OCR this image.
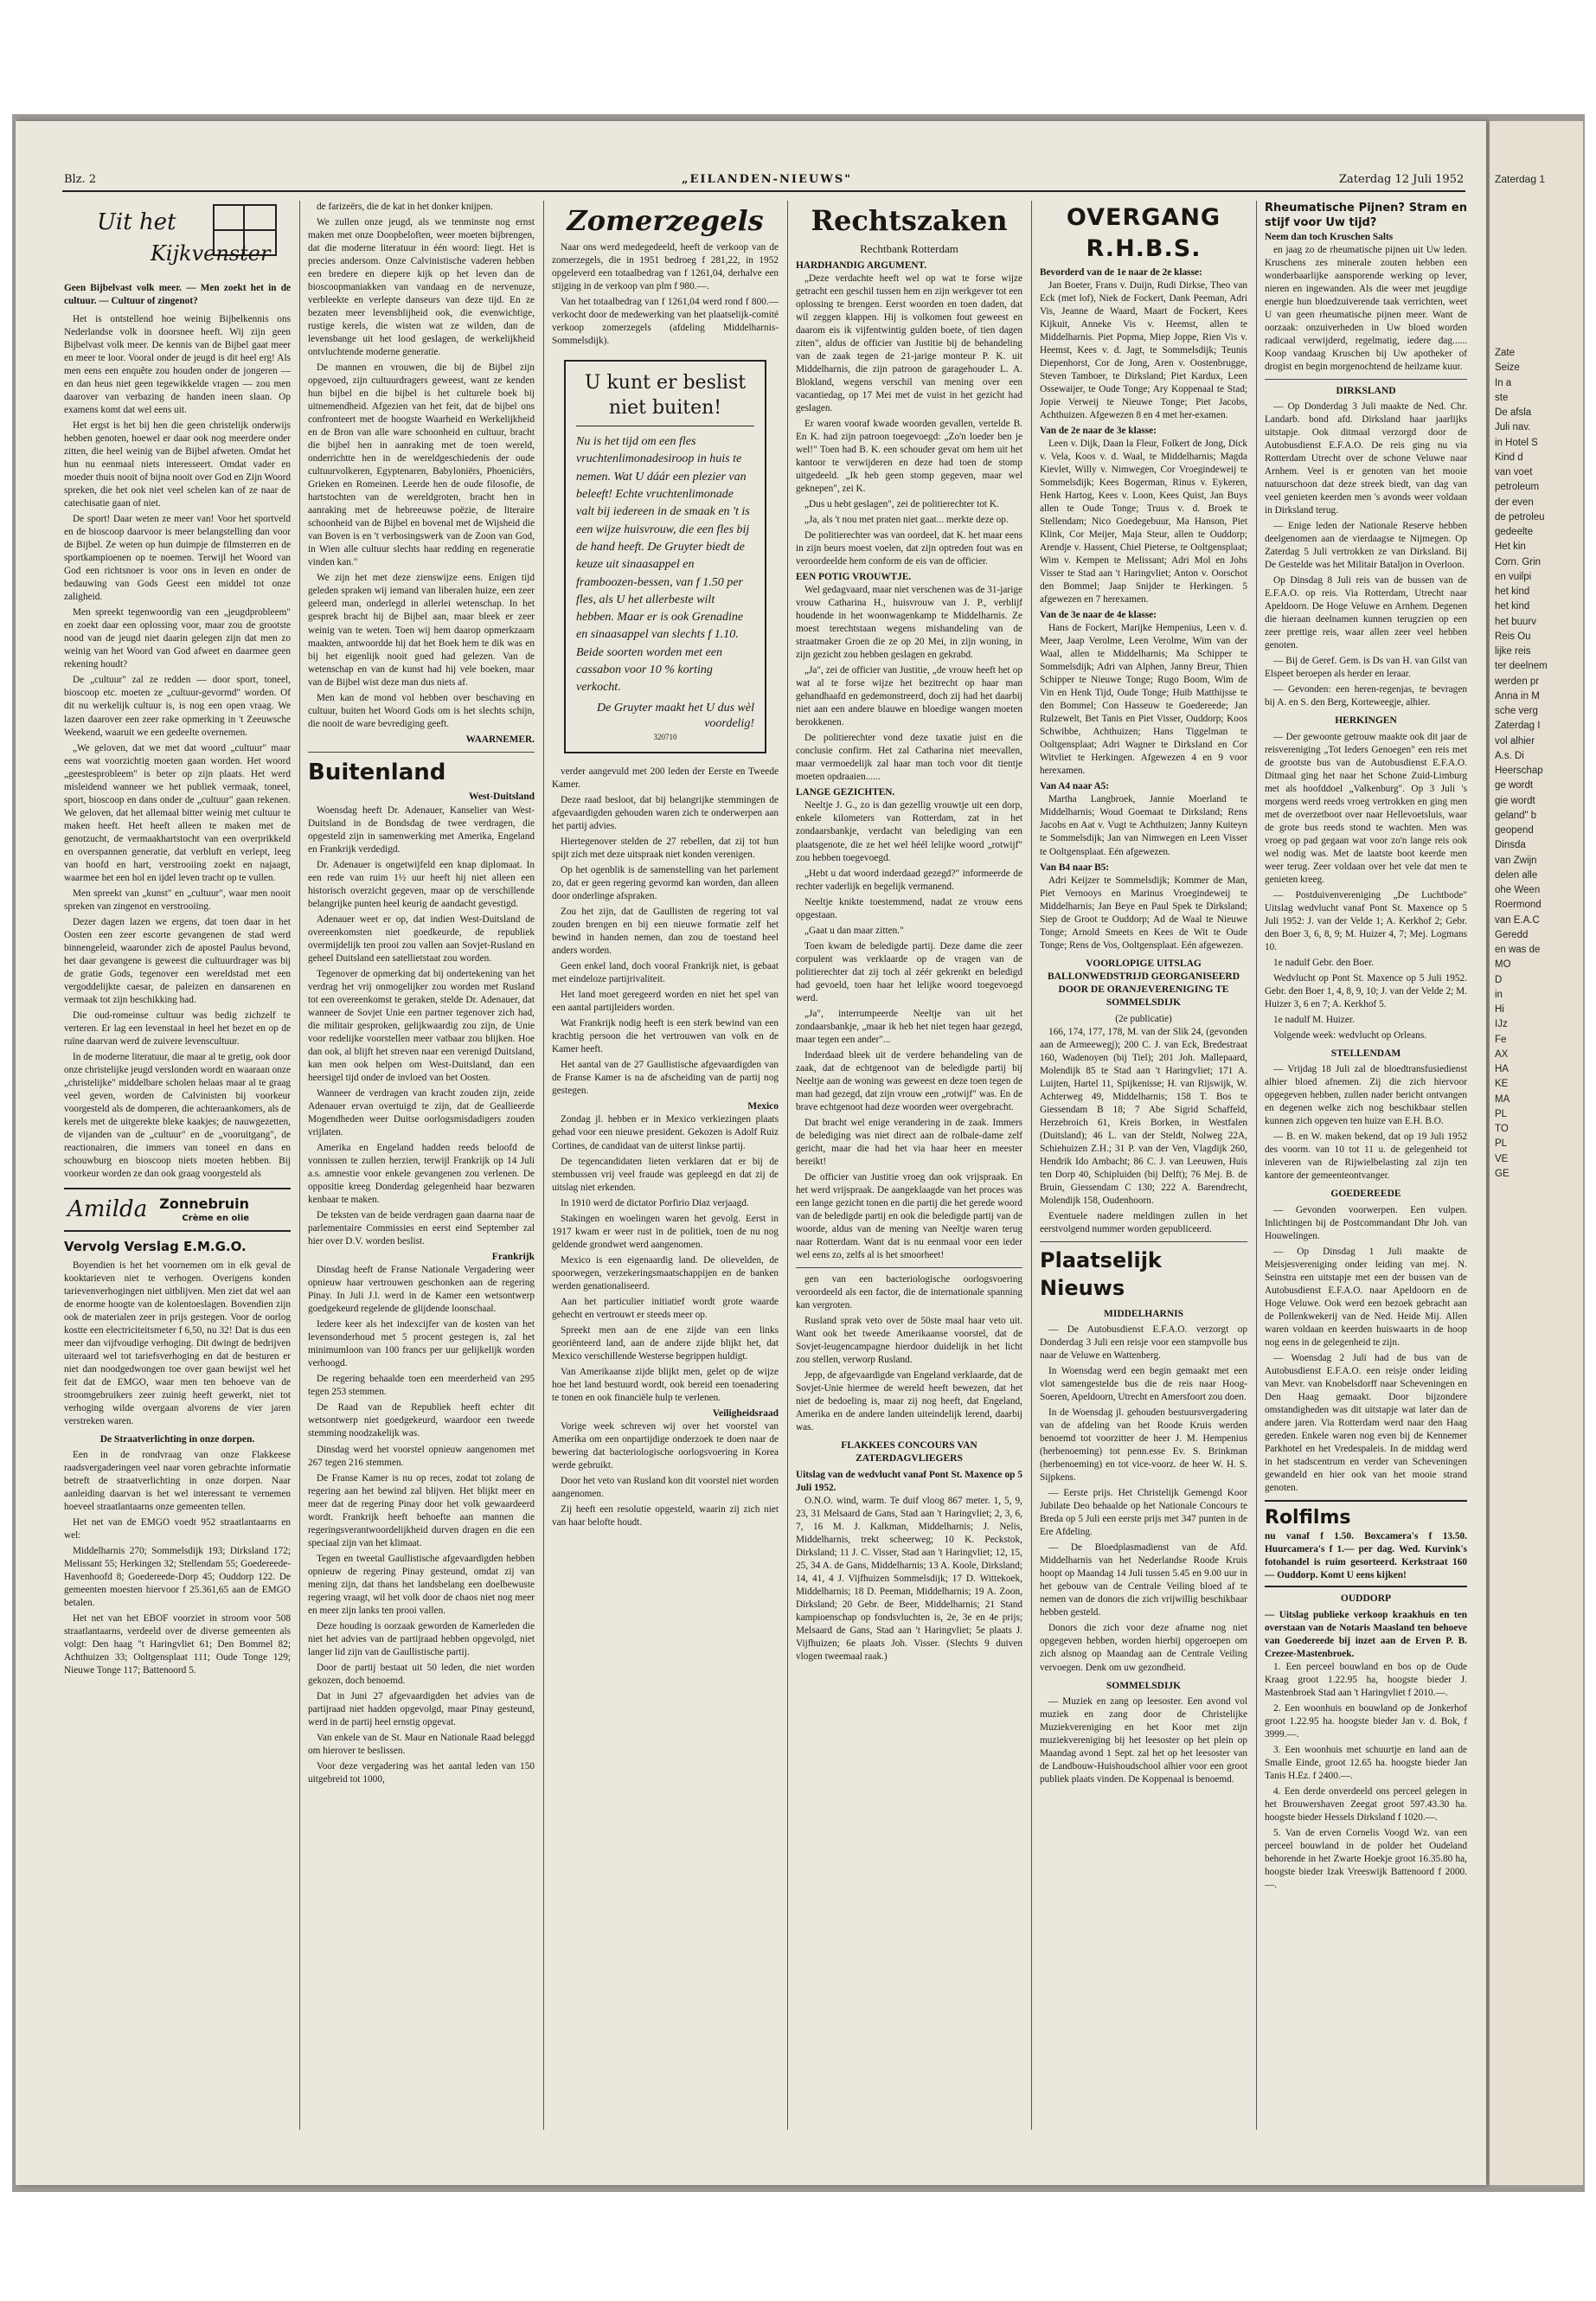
Blz. 2	„EILANDEN-NIEUWS"	Zaterdag 12 Juli 1952
Uit het
Kijkvenster
Geen Bijbelvast volk meer. — Men zoekt het in de cultuur. — Cultuur of zingenot?

Het is ontstellend hoe weinig Bijbelkennis ons Nederlandse volk in doorsnee heeft. Wij zijn geen Bijbelvast volk meer. De kennis van de Bijbel gaat meer en meer te loor. Vooral onder de jeugd is dit heel erg! Als men eens een enquête zou houden onder de jongeren — en dan heus niet geen tegewikkelde vragen — zou men daarover van verbazing de handen ineen slaan. Op examens komt dat wel eens uit.

Het ergst is het bij hen die geen christelijk onderwijs hebben genoten, hoewel er daar ook nog meerdere onder zitten, die heel weinig van de Bijbel afweten. Omdat het hun nu eenmaal niets interesseert. Omdat vader en moeder thuis nooit of bijna nooit over God en Zijn Woord spreken, die het ook niet veel schelen kan of ze naar de catechisatie gaan of niet.

De sport! Daar weten ze meer van! Voor het sportveld en de bioscoop daarvoor is meer belangstelling dan voor de Bijbel. Ze weten op hun duimpje de filmsterren en de sportkampioenen op te noemen. Terwijl het Woord van God een richtsnoer is voor ons in leven en onder de bedauwing van Gods Geest een middel tot onze zaligheid.

Men spreekt tegenwoordig van een „jeugdprobleem" en zoekt daar een oplossing voor, maar zou de grootste nood van de jeugd niet daarin gelegen zijn dat men zo weinig van het Woord van God afweet en daarmee geen rekening houdt?

De „cultuur" zal ze redden — door sport, toneel, bioscoop etc. moeten ze „cultuur-gevormd" worden. Of dit nu werkelijk cultuur is, is nog een open vraag. We lazen daarover een zeer rake opmerking in 't Zeeuwsche Weekend, waaruit we een gedeelte overnemen.

„We geloven, dat we met dat woord „cultuur" maar eens wat voorzichtig moeten gaan worden. Het woord „geestesprobleem" is beter op zijn plaats. Het werd misleidend wanneer we het publiek vermaak, toneel, sport, bioscoop en dans onder de „cultuur" gaan rekenen. We geloven, dat het allemaal bitter weinig met cultuur te maken heeft. Het heeft alleen te maken met de genotzucht, de vermaakhartstocht van een overprikkeld en overspannen generatie, dat verbluft en verlept, leeg van hoofd en hart, verstrooiing zoekt en najaagt, waarmee het een hol en ijdel leven tracht op te vullen.

Men spreekt van „kunst" en „cultuur", waar men nooit spreken van zingenot en verstrooiing.

Dezer dagen lazen we ergens, dat toen daar in het Oosten een zeer escorte gevangenen de stad werd binnengeleid, waaronder zich de apostel Paulus bevond, het daar gevangene is geweest die cultuurdrager was bij de gratie Gods, tegenover een wereldstad met een vergoddelijkte caesar, de paleizen en dansarenen en vermaak tot zijn beschikking had.

Die oud-romeinse cultuur was bedig zichzelf te verteren. Er lag een levenstaal in heel het bezet en op de ruïne daarvan werd de zuivere levenscultuur.

In de moderne literatuur, die maar al te gretig, ook door onze christelijke jeugd verslonden wordt en waaraan onze „christelijke" middelbare scholen helaas maar al te graag veel geven, worden de Calvinisten bij voorkeur voorgesteld als de domperen, die achteraankomers, als de kerels met de uitgerekte bleke kaakjes; de nauwgezetten, de vijanden van de „cultuur" en de „vooruitgang", de reactionairen, die immers van toneel en dans en schouwburg en bioscoop niets moeten hebben. Bij voorkeur worden ze dan ook graag voorgesteld als

Amilda Zonnebruin
Crème en olie
Vervolg Verslag E.M.G.O.

Boyendien is het het voornemen om in elk geval de kooktarieven niet te verhogen. Overigens konden tarievenverhogingen niet uitblijven. Men ziet dat wel aan de enorme hoogte van de kolentoeslagen. Bovendien zijn ook de materialen zeer in prijs gestegen. Voor de oorlog kostte een electriciteitsmeter f 6,50, nu 32! Dat is dus een meer dan vijfvoudige verhoging. Dit dwingt de bedrijven uiteraard wel tot tariefsverhoging en dat de besturen er niet dan noodgedwongen toe over gaan bewijst wel het feit dat de EMGO, waar men ten behoeve van de stroomgebruikers zeer zuinig heeft gewerkt, niet tot verhoging wilde overgaan alvorens de vier jaren verstreken waren.

De Straatverlichting in onze dorpen.

Een in de rondvraag van onze Flakkeese raadsvergaderingen veel naar voren gebrachte informatie betreft de straatverlichting in onze dorpen. Naar aanleiding daarvan is het wel interessant te vernemen hoeveel straatlantaarns onze gemeenten tellen.

Het net van de EMGO voedt 952 straatlantaarns en wel:

Middelharnis 270; Sommelsdijk 193; Dirksland 172; Melissant 55; Herkingen 32; Stellendam 55; Goedereede-Havenhoofd 8; Goedereede-Dorp 45; Ouddorp 122. De gemeenten moesten hiervoor f 25.361,65 aan de EMGO betalen.

Het net van het EBOF voorziet in stroom voor 508 straatlantaarns, verdeeld over de diverse gemeenten als volgt: Den haag "t Haringvliet 61; Den Bommel 82; Achthuizen 33; Ooltgensplaat 111; Oude Tonge 129; Nieuwe Tonge 117; Battenoord 5.

de farizeërs, die de kat in het donker knijpen.

We zullen onze jeugd, als we tenminste nog ernst maken met onze Doopbeloften, weer moeten bijbrengen, dat die moderne literatuur in één woord: liegt. Het is precies andersom. Onze Calvinistische vaderen hebben een bredere en diepere kijk op het leven dan de bioscoopmaniakken van vandaag en de nervenuze, verbleekte en verlepte danseurs van deze tijd. En ze bezaten meer levensblijheid ook, die evenwichtige, rustige kerels, die wisten wat ze wilden, dan de levensbange uit het lood geslagen, de werkelijkheid ontvluchtende moderne generatie.

De mannen en vrouwen, die bij de Bijbel zijn opgevoed, zijn cultuurdragers geweest, want ze kenden hun bijbel en die bijbel is het culturele boek bij uitnemendheid. Afgezien van het feit, dat de bijbel ons confronteert met de hoogste Waarheid en Werkelijkheid en de Bron van alle ware schoonheid en cultuur, bracht die bijbel hen in aanraking met de toen wereld, onderrichtte hen in de wereldgeschiedenis der oude cultuurvolkeren, Egyptenaren, Babyloniërs, Phoeniciërs, Grieken en Romeinen. Leerde hen de oude filosofie, de hartstochten van de wereldgroten, bracht hen in aanraking met de hebreeuwse poëzie, de literaire schoonheid van de Bijbel en bovenal met de Wijsheid die van Boven is en 't verbosingswerk van de Zoon van God, in Wien alle cultuur slechts haar redding en regeneratie vinden kan."

We zijn het met deze zienswijze eens. Enigen tijd geleden spraken wij iemand van liberalen huize, een zeer geleerd man, onderlegd in allerlei wetenschap. In het gesprek bracht hij de Bijbel aan, maar bleek er zeer weinig van te weten. Toen wij hem daarop opmerkzaam maakten, antwoordde hij dat het Boek hem te dik was en bij het eigenlijk nooit goed had gelezen. Van de wetenschap en van de kunst had hij vele boeken, maar van de Bijbel wist deze man dus niets af.

Men kan de mond vol hebben over beschaving en cultuur, buiten het Woord Gods om is het slechts schijn, die nooit de ware bevrediging geeft.

WAARNEMER.
Buitenland
West-Duitsland

Woensdag heeft Dr. Adenauer, Kanselier van West-Duitsland in de Bondsdag de twee verdragen, die opgesteld zijn in samenwerking met Amerika, Engeland en Frankrijk verdedigd.

Dr. Adenauer is ongetwijfeld een knap diplomaat. In een rede van ruim 1½ uur heeft hij niet alleen een historisch overzicht gegeven, maar op de verschillende belangrijke punten heel keurig de aandacht gevestigd.

Adenauer weet er op, dat indien West-Duitsland de overeenkomsten niet goedkeurde, de republiek overmijdelijk ten prooi zou vallen aan Sovjet-Rusland en geheel Duitsland een satellietstaat zou worden.

Tegenover de opmerking dat bij ondertekening van het verdrag het vrij onmogelijker zou worden met Rusland tot een overeenkomst te geraken, stelde Dr. Adenauer, dat wanneer de Sovjet Unie een partner tegenover zich had, die militair gesproken, gelijkwaardig zou zijn, de Unie voor redelijke voorstellen meer vatbaar zou blijken. Hoe dan ook, al blijft het streven naar een verenigd Duitsland, kan men ook helpen om West-Duitsland, dan een heersigel tijd onder de invloed van het Oosten.

Wanneer de verdragen van kracht zouden zijn, zeide Adenauer ervan overtuigd te zijn, dat de Geallieerde Mogendheden weer Duitse oorlogsmisdadigers zouden vrijlaten.

Amerika en Engeland hadden reeds beloofd de vonnissen te zullen herzien, terwijl Frankrijk op 14 Juli a.s. amnestie voor enkele gevangenen zou verlenen. De oppositie kreeg Donderdag gelegenheid haar bezwaren kenbaar te maken.

De teksten van de beide verdragen gaan daarna naar de parlementaire Commissies en eerst eind September zal hier over D.V. worden beslist.

Frankrijk

Dinsdag heeft de Franse Nationale Vergadering weer opnieuw haar vertrouwen geschonken aan de regering Pinay. In Juli J.l. werd in de Kamer een wetsontwerp goedgekeurd regelende de glijdende loonschaal.

Iedere keer als het indexcijfer van de kosten van het levensonderhoud met 5 procent gestegen is, zal het minimumloon van 100 francs per uur gelijkelijk worden verhoogd.

De regering behaalde toen een meerderheid van 295 tegen 253 stemmen.

De Raad van de Republiek heeft echter dit wetsontwerp niet goedgekeurd, waardoor een tweede stemming noodzakelijk was.

Dinsdag werd het voorstel opnieuw aangenomen met 267 tegen 216 stemmen.

De Franse Kamer is nu op reces, zodat tot zolang de regering aan het bewind zal blijven. Het blijkt meer en meer dat de regering Pinay door het volk gewaardeerd wordt. Frankrijk heeft behoefte aan mannen die regeringsverantwoordelijkheid durven dragen en die een speciaal zijn van het klimaat.

Tegen en tweetal Gaullistische afgevaardigden hebben opnieuw de regering Pinay gesteund, omdat zij van mening zijn, dat thans het landsbelang een doelbewuste regering vraagt, wil het volk door de chaos niet nog meer en meer zijn lanks ten prooi vallen.

Deze houding is oorzaak geworden de Kamerleden die niet het advies van de partijraad hebben opgevolgd, niet langer lid zijn van de Gaullistische partij.

Door de partij bestaat uit 50 leden, die niet worden gekozen, doch benoemd.

Dat in Juni 27 afgevaardigden het advies van de partijraad niet hadden opgevolgd, maar Pinay gesteund, werd in de partij heel ernstig opgevat.

Van enkele van de St. Maur en Nationale Raad beleggd om hierover te beslissen.

Voor deze vergadering was het aantal leden van 150 uitgebreid tot 1000,

Zomerzegels

Naar ons werd medegedeeld, heeft de verkoop van de zomerzegels, die in 1951 bedroeg f 281,22, in 1952 opgeleverd een totaalbedrag van f 1261,04, derhalve een stijging in de verkoop van plm f 980.—.

Van het totaalbedrag van f 1261,04 werd rond f 800.— verkocht door de medewerking van het plaatselijk-comité verkoop zomerzegels (afdeling Middelharnis-Sommelsdijk).

U kunt er beslist niet buiten!
Nu is het tijd om een fles vruchtenlimonadesiroop in huis te nemen. Wat U dáár een plezier van beleeft! Echte vruchtenlimonade valt bij iedereen in de smaak en 't is een wijze huisvrouw, die een fles bij de hand heeft. De Gruyter biedt de keuze uit sinaasappel en framboozen-bessen, van f 1.50 per fles, als U het allerbeste wilt hebben. Maar er is ook Grenadine en sinaasappel van slechts f 1.10. Beide soorten worden met een cassabon voor 10 % korting verkocht.
De Gruyter maakt het U dus wèl voordelig!
320710

verder aangevuld met 200 leden der Eerste en Tweede Kamer.

Deze raad besloot, dat bij belangrijke stemmingen de afgevaardigden gehouden waren zich te onderwerpen aan het partij advies.

Hiertegenover stelden de 27 rebellen, dat zij tot hun spijt zich met deze uitspraak niet konden verenigen.

Op het ogenblik is de samenstelling van het parlement zo, dat er geen regering gevormd kan worden, dan alleen door onderlinge afspraken.

Zou het zijn, dat de Gaullisten de regering tot val zouden brengen en bij een nieuwe formatie zelf het bewind in handen nemen, dan zou de toestand heel anders worden.

Geen enkel land, doch vooral Frankrijk niet, is gebaat met eindeloze partijrivaliteit.

Het land moet geregeerd worden en niet het spel van een aantal partijleiders worden.

Wat Frankrijk nodig heeft is een sterk bewind van een krachtig persoon die het vertrouwen van volk en de Kamer heeft.

Het aantal van de 27 Gaullistische afgevaardigden van de Franse Kamer is na de afscheiding van de partij nog gestegen.

Mexico

Zondag jl. hebben er in Mexico verkiezingen plaats gehad voor een nieuwe president. Gekozen is Adolf Ruiz Cortines, de candidaat van de uiterst linkse partij.

De tegencandidaten lieten verklaren dat er bij de stembussen vrij veel fraude was gepleegd en dat zij de uitslag niet erkenden.

In 1910 werd de dictator Porfirio Diaz verjaagd.

Stakingen en woelingen waren het gevolg. Eerst in 1917 kwam er weer rust in de politiek, toen de nu nog geldende grondwet werd aangenomen.

Mexico is een eigenaardig land. De olievelden, de spoorwegen, verzekeringsmaatschappijen en de banken werden genationaliseerd.

Aan het particulier initiatief wordt grote waarde gehecht en vertrouwt er steeds meer op.

Spreekt men aan de ene zijde van een links georiënteerd land, aan de andere zijde blijkt het, dat Mexico verschillende Westerse begrippen huldigt.

Van Amerikaanse zijde blijkt men, gelet op de wijze hoe het land bestuurd wordt, ook bereid een toenadering te tonen en ook financiële hulp te verlenen.

Veiligheidsraad

Vorige week schreven wij over het voorstel van Amerika om een onpartijdige onderzoek te doen naar de bewering dat bacteriologische oorlogsvoering in Korea werde gebruikt.

Door het veto van Rusland kon dit voorstel niet worden aangenomen.

Zij heeft een resolutie opgesteld, waarin zij zich niet van haar belofte houdt.

Rechtszaken
Rechtbank Rotterdam
HARDHANDIG ARGUMENT.

„Deze verdachte heeft wel op wat te forse wijze getracht een geschil tussen hem en zijn werkgever tot een oplossing te brengen. Eerst woorden en toen daden, dat wil zeggen klappen. Hij is volkomen fout geweest en daarom eis ik vijfentwintig gulden boete, of tien dagen ziten", aldus de officier van Justitie bij de behandeling van de zaak tegen de 21-jarige monteur P. K. uit Middelharnis, die zijn patroon de garagehouder L. A. Blokland, wegens verschil van mening over een vacantiedag, op 17 Mei met de vuist in het gezicht had geslagen.

Er waren vooraf kwade woorden gevallen, vertelde B. En K. had zijn patroon toegevoegd: „Zo'n loeder ben je wel!" Toen had B. K. een schouder gevat om hem uit het kantoor te verwijderen en deze had toen de stomp uitgedeeld. „Ik heb geen stomp gegeven, maar wel geknepen", zei K.

„Dus u hebt geslagen", zei de politierechter tot K.

„Ja, als 't nou met praten niet gaat... merkte deze op.

De politierechter was van oordeel, dat K. het maar eens in zijn beurs moest voelen, dat zijn optreden fout was en veroordeelde hem conform de eis van de officier.

EEN POTIG VROUWTJE.

Wel gedagvaard, maar niet verschenen was de 31-jarige vrouw Catharina H., huisvrouw van J. P., verblijf houdende in het woonwagenkamp te Middelharnis. Ze moest terechtstaan wegens mishandeling van de straatmaker Groen die ze op 20 Mei, in zijn woning, in zijn gezicht zou hebben geslagen en gekrabd.

„Ja", zei de officier van Justitie, „de vrouw heeft het op wat al te forse wijze het bezitrecht op haar man gehandhaafd en gedemonstreerd, doch zij had het daarbij niet aan een andere blauwe en bloedige wangen moeten berokkenen.

De politierechter vond deze taxatie juist en die conclusie confirm. Het zal Catharina niet meevallen, maar vermoedelijk zal haar man toch voor dit tientje moeten opdraaien......

LANGE GEZICHTEN.

Neeltje J. G., zo is dan gezellig vrouwtje uit een dorp, enkele kilometers van Rotterdam, zat in het zondaarsbankje, verdacht van belediging van een plaatsgenote, die ze het wel héél lelijke woord „rotwijf" zou hebben toegevoegd.

„Hebt u dat woord inderdaad gezegd?" informeerde de rechter vaderlijk en begelijk vermanend.

Neeltje knikte toestemmend, nadat ze vrouw eens opgestaan.

„Gaat u dan maar zitten."

Toen kwam de beledigde partij. Deze dame die zeer corpulent was verklaarde op de vragen van de politierechter dat zij toch al zéér gekrenkt en beledigd had gevoeld, toen haar het lelijke woord toegevoegd werd.

„Ja", interrumpeerde Neeltje van uit het zondaarsbankje, „maar ik heb het niet tegen haar gezegd, maar tegen een ander"...

Inderdaad bleek uit de verdere behandeling van de zaak, dat de echtgenoot van de beledigde partij bij Neeltje aan de woning was geweest en deze toen tegen de man had gezegd, dat zijn vrouw een „rotwijf" was. En de brave echtgenoot had deze woorden weer overgebracht.

Dat bracht wel enige verandering in de zaak. Immers de belediging was niet direct aan de rolbale-dame zelf gericht, maar die had het via haar heer en meester bereikt!

De officier van Justitie vroeg dan ook vrijspraak. En het werd vrijspraak. De aangeklaagde van het proces was een lange gezicht tonen en die partij die het gerede woord van de beledigde partij en ook die beledigde partij van de woorde, aldus van de mening van Neeltje waren terug naar Rotterdam. Want dat is nu eenmaal voor een ieder wel eens zo, zelfs al is het smoorheet!

gen van een bacteriologische oorlogsvoering veroordeeld als een factor, die de internationale spanning kan vergroten.

Rusland sprak veto over de 50ste maal haar veto uit. Want ook het tweede Amerikaanse voorstel, dat de Sovjet-leugencampagne hierdoor duidelijk in het licht zou stellen, verworp Rusland.

Jepp, de afgevaardigde van Engeland verklaarde, dat de Sovjet-Unie hiermee de wereld heeft bewezen, dat het niet de bedoeling is, maar zij nog heeft, dat Engeland, Amerika en de andere landen uiteindelijk lerend, daarbij was.

FLAKKEES CONCOURS VAN ZATERDAGVLIEGERS
Uitslag van de wedvlucht vanaf Pont St. Maxence op 5 Juli 1952.

O.N.O. wind, warm. Te duif vloog 867 meter. 1, 5, 9, 23, 31 Melsaard de Gans, Stad aan 't Haringvliet; 2, 3, 6, 7, 16 M. J. Kalkman, Middelharnis; J. Nelis, Middelharnis, trekt scheerweg; 10 K. Peckstok, Dirksland; 11 J. C. Visser, Stad aan 't Haringvliet; 12, 15, 25, 34 A. de Gans, Middelharnis; 13 A. Koole, Dirksland; 14, 41, 4 J. Vijfhuizen Sommelsdijk; 17 D. Wittekoek, Middelharnis; 18 D. Peeman, Middelharnis; 19 A. Zoon, Dirksland; 20 Gebr. de Beer, Middelharnis; 21 Stand kampioenschap op fondsvluchten is, 2e, 3e en 4e prijs; Melsaard de Gans, Stad aan 't Haringvliet; 5e plaats J. Vijfhuizen; 6e plaats Joh. Visser. (Slechts 9 duiven vlogen tweemaal raak.)

OVERGANG R.H.B.S.
Bevorderd van de 1e naar de 2e klasse:

Jan Boeter, Frans v. Duijn, Rudi Dirkse, Theo van Eck (met lof), Niek de Fockert, Dank Peeman, Adri Vis, Jeanne de Waard, Maart de Fockert, Kees Kijkuit, Anneke Vis v. Heemst, allen te Middelharnis. Piet Popma, Miep Joppe, Rien Vis v. Heemst, Kees v. d. Jagt, te Sommelsdijk; Teunis Diepenhorst, Cor de Jong, Aren v. Oostenbrugge, Steven Tamboer, te Dirksland; Piet Kardux, Leen Ossewaijer, te Oude Tonge; Ary Koppenaal te Stad; Jopie Verweij te Nieuwe Tonge; Piet Jacobs, Achthuizen. Afgewezen 8 en 4 met her-examen.

Van de 2e naar de 3e klasse:

Leen v. Dijk, Daan la Fleur, Folkert de Jong, Dick v. Vela, Koos v. d. Waal, te Middelharnis; Magda Kievlet, Willy v. Nimwegen, Cor Vroegindeweij te Sommelsdijk; Kees Bogerman, Rinus v. Eykeren, Henk Hartog, Kees v. Loon, Kees Quist, Jan Buys allen te Oude Tonge; Truus v. d. Broek te Stellendam; Nico Goedegebuur, Ma Hanson, Piet Klink, Cor Meijer, Maja Steur, allen te Ouddorp; Arendje v. Hassent, Chiel Pieterse, te Ooltgensplaat; Wim v. Kempen te Melissant; Adri Mol en Johs Visser te Stad aan 't Haringvliet; Anton v. Oorschot den Bommel; Jaap Snijder te Herkingen. 5 afgewezen en 7 herexamen.

Van de 3e naar de 4e klasse:

Hans de Fockert, Marijke Hempenius, Leen v. d. Meer, Jaap Verolme, Leen Verolme, Wim van der Waal, allen te Middelharnis; Ma Schipper te Sommelsdijk; Adri van Alphen, Janny Breur, Thien Schipper te Nieuwe Tonge; Rugo Boom, Wim de Vin en Henk Tijd, Oude Tonge; Huib Matthijsse te den Bommel; Con Hasseuw te Goedereede; Jan Rulzewelt, Bet Tanis en Piet Visser, Ouddorp; Koos Schwibbe, Achthuizen; Hans Tiggelman te Ooltgensplaat; Adri Wagner te Dirksland en Cor Witvliet te Herkingen. Afgewezen 4 en 9 voor herexamen.

Van A4 naar A5:

Martha Langbroek, Jannie Moerland te Middelharnis; Woud Goemaat te Dirksland; Rens Jacobs en Aat v. Vugt te Achthuizen; Janny Kuiteyn te Sommelsdijk; Jan van Nimwegen en Leen Visser te Ooltgensplaat. Eén afgewezen.

Van B4 naar B5:

Adri Keijzer te Sommelsdijk; Kommer de Man, Piet Vernooys en Marinus Vroegindeweij te Middelharnis; Jan Beye en Paul Spek te Dirksland; Siep de Groot te Ouddorp; Ad de Waal te Nieuwe Tonge; Arnold Smeets en Kees de Wit te Oude Tonge; Rens de Vos, Ooltgensplaat. Eén afgewezen.

VOORLOPIGE UITSLAG BALLONWEDSTRIJD GEORGANISEERD DOOR DE ORANJEVERENIGING TE SOMMELSDIJK
(2e publicatie)

166, 174, 177, 178, M. van der Slik 24, (gevonden aan de Armeewegj); 200 C. J. van Eck, Bredestraat 160, Wadenoyen (bij Tiel); 201 Joh. Mallepaard, Molendijk 85 te Stad aan 't Haringvliet; 171 A. Luijten, Hartel 11, Spijkenisse; H. van Rijswijk, W. Achterweg 49, Middelharnis; 158 T. Bos te Giessendam B 18; 7 Abe Sigrid Schaffeld, Herzebroich 61, Kreis Borken, in Westfalen (Duitsland); 46 L. van der Steldt, Nolweg 22A, Schiehuizen Z.H.; 31 P. van der Ven, Vlagdijk 260, Hendrik Ido Ambacht; 86 C. J. van Leeuwen, Huis ten Dorp 40, Schipluiden (bij Delft); 76 Mej. B. de Bruin, Giessendam C 130; 222 A. Barendrecht, Molendijk 158, Oudenhoorn.

Eventuele nadere meldingen zullen in het eerstvolgend nummer worden gepubliceerd.

Plaatselijk Nieuws
MIDDELHARNIS

— De Autobusdienst E.F.A.O. verzorgt op Donderdag 3 Juli een reisje voor een stampvolle bus naar de Veluwe en Wattenberg.

In Woensdag werd een begin gemaakt met een vlot samengestelde bus die de reis naar Hoog-Soeren, Apeldoorn, Utrecht en Amersfoort zou doen.

In de Woensdag jl. gehouden bestuursvergadering van de afdeling van het Roode Kruis werden benoemd tot voorzitter de heer J. M. Hempenius (herbenoeming) tot penn.esse Ev. S. Brinkman (herbenoeming) en tot vice-voorz. de heer W. H. S. Sijpkens.

— Eerste prijs. Het Christelijk Gemengd Koor Jubilate Deo behaalde op het Nationale Concours te Breda op 5 Juli een eerste prijs met 347 punten in de Ere Afdeling.

— De Bloedplasmadienst van de Afd. Middelharnis van het Nederlandse Roode Kruis hoopt op Maandag 14 Juli tussen 5.45 en 9.00 uur in het gebouw van de Centrale Veiling bloed af te nemen van de donors die zich vrijwillig beschikbaar hebben gesteld.

Donors die zich voor deze afname nog niet opgegeven hebben, worden hierbij opgeroepen om zich alsnog op Maandag aan de Centrale Veiling vervoegen. Denk om uw gezondheid.

SOMMELSDIJK

— Muziek en zang op leesoster. Een avond vol muziek en zang door de Christelijke Muziekvereniging en het Koor met zijn muziekvereniging bij het leesoster op het plein op Maandag avond 1 Sept. zal het op het leesoster van de Landbouw-Huishoudschool alhier voor een groot publiek plaats vinden. De Koppenaal is benoemd.

Rheumatische Pijnen? Stram en stijf voor Uw tijd?
Neem dan toch Kruschen Salts

en jaag zo de rheumatische pijnen uit Uw leden. Kruschens zes minerale zouten hebben een wonderbaarlijke aansporende werking op lever, nieren en ingewanden. Als die weer met jeugdige energie hun bloedzuiverende taak verrichten, weet U van geen rheumatische pijnen meer. Want de oorzaak: onzuiverheden in Uw bloed worden radicaal verwijderd, regelmatig, iedere dag...... Koop vandaag Kruschen bij Uw apotheker of drogist en begin morgenochtend de heilzame kuur.

DIRKSLAND

— Op Donderdag 3 Juli maakte de Ned. Chr. Landarb. bond afd. Dirksland haar jaarlijks uitstapje. Ook ditmaal verzorgd door de Autobusdienst E.F.A.O. De reis ging nu via Rotterdam Utrecht over de schone Veluwe naar Arnhem. Veel is er genoten van het mooie natuurschoon dat deze streek biedt, van dag van veel genieten keerden men 's avonds weer voldaan in Dirksland terug.

— Enige leden der Nationale Reserve hebben deelgenomen aan de vierdaagse te Nijmegen. Op Zaterdag 5 Juli vertrokken ze van Dirksland. Bij De Gestelde was het Militair Bataljon in Overloon.

Op Dinsdag 8 Juli reis van de bussen van de E.F.A.O. op reis. Via Rotterdam, Utrecht naar Apeldoorn. De Hoge Veluwe en Arnhem. Degenen die hieraan deelnamen kunnen terugzien op een zeer prettige reis, waar allen zeer veel hebben genoten.

— Bij de Geref. Gem. is Ds van H. van Gilst van Elspeet beroepen als herder en leraar.

— Gevonden: een heren-regenjas, te bevragen bij A. en S. den Berg, Korteweegje, alhier.

HERKINGEN

— Der gewoonte getrouw maakte ook dit jaar de reisvereniging „Tot Ieders Genoegen" een reis met de grootste bus van de Autobusdienst E.F.A.O. Ditmaal ging het naar het Schone Zuid-Limburg met als hoofddoel „Valkenburg". Op 3 Juli 's morgens werd reeds vroeg vertrokken en ging men met de overzetboot over naar Hellevoetsluis, waar de grote bus reeds stond te wachten. Men was vroeg op pad gegaan wat voor zo'n lange reis ook wel nodig was. Met de laatste boot keerde men weer terug. Zeer voldaan over het vele dat men te genieten kreeg.

— Postduivenvereniging „De Luchtbode" Uitslag wedvlucht vanaf Pont St. Maxence op 5 Juli 1952: J. van der Velde 1; A. Kerkhof 2; Gebr. den Boer 3, 6, 8, 9; M. Huizer 4, 7; Mej. Logmans 10.

1e nadulf Gebr. den Boer.

Wedvlucht op Pont St. Maxence op 5 Juli 1952. Gebr. den Boer 1, 4, 8, 9, 10; J. van der Velde 2; M. Huizer 3, 6 en 7; A. Kerkhof 5.

1e nadulf M. Huizer.

Volgende week: wedvlucht op Orleans.

STELLENDAM

— Vrijdag 18 Juli zal de bloedtransfusiedienst alhier bloed afnemen. Zij die zich hiervoor opgegeven hebben, zullen nader bericht ontvangen en degenen welke zich nog beschikbaar stellen kunnen zich opgeven ten huize van E.H. B.O.

— B. en W. maken bekend, dat op 19 Juli 1952 des voorm. van 10 tot 11 u. de gelegenheid tot inleveren van de Rijwielbelasting zal zijn ten kantore der gemeenteontvanger.

GOEDEREEDE

— Gevonden voorwerpen. Een vulpen. Inlichtingen bij de Postcommandant Dhr Joh. van Houwelingen.

— Op Dinsdag 1 Juli maakte de Meisjesvereniging onder leiding van mej. N. Seinstra een uitstapje met een der bussen van de Autobusdienst E.F.A.O. naar Apeldoorn en de Hoge Veluwe. Ook werd een bezoek gebracht aan de Pollenkwekerij van de Ned. Heide Mij. Allen waren voldaan en keerden huiswaarts in de hoop nog eens in de gelegenheid te zijn.

— Woensdag 2 Juli had de bus van de Autobusdienst E.F.A.O. een reisje onder leiding van Mevr. van Knobelsdorff naar Scheveningen en Den Haag gemaakt. Door bijzondere omstandigheden was dit uitstapje wat later dan de andere jaren. Via Rotterdam werd naar den Haag gereden. Enkele waren nog even bij de Kennemer Parkhotel en het Vredespaleis. In de middag werd in het stadscentrum en verder van Scheveningen gewandeld en hier ook van het mooie strand genoten.

Rolfilms
nu vanaf f 1.50. Boxcamera's f 13.50. Huurcamera's f 1.— per dag. Wed. Kurvink's fotohandel is ruim gesorteerd. Kerkstraat 160 — Ouddorp. Komt U eens kijken!
OUDDORP
— Uitslag publieke verkoop kraakhuis en ten overstaan van de Notaris Maasland ten behoeve van Goedereede bij inzet aan de Erven P. B. Crezee-Mastenbroek.

1. Een perceel bouwland en bos op de Oude Kraag groot 1.22.95 ha, hoogste bieder J. Mastenbroek Stad aan 't Haringvliet f 2010.—.

2. Een woonhuis en bouwland op de Jonkerhof groot 1.22.95 ha. hoogste bieder Jan v. d. Bok, f 3999.—.

3. Een woonhuis met schuurtje en land aan de Smalle Einde, groot 12.65 ha. hoogste bieder Jan Tanis H.Ez. f 2400.—.

4. Een derde onverdeeld ons perceel gelegen in het Brouwershaven Zeegat groot 597.43.30 ha. hoogste bieder Hessels Dirksland f 1020.—.

5. Van de erven Cornelis Voogd Wz. van een perceel bouwland in de polder het Oudeland behorende in het Zwarte Hoekje groot 16.35.80 ha, hoogste bieder Izak Vreeswijk Battenoord f 2000.—.

Zaterdag 1
Zate
Seize
In a
ste
De afsla
Juli nav.
in Hotel S
Kind d
van voet
petroleum
der even
de petroleu
gedeelte
Het kin
Corn. Grin
en vuilpi
het kind
het kind
het buurv
Reis Ou
lijke reis
ter deelnem
werden pr
Anna in M
sche verg
Zaterdag I
vol alhier
A.s. Di
Heerschap
ge wordt
gie wordt
geland" b
geopend
Dinsda
van Zwijn
delen alle
ohe Ween
Roermond
van E.A.C
Geredd
en was de
MO
D
in
Hi
IJz
Fe
AX
HA
KE
MA
PL
TO
PL
VE
GE
